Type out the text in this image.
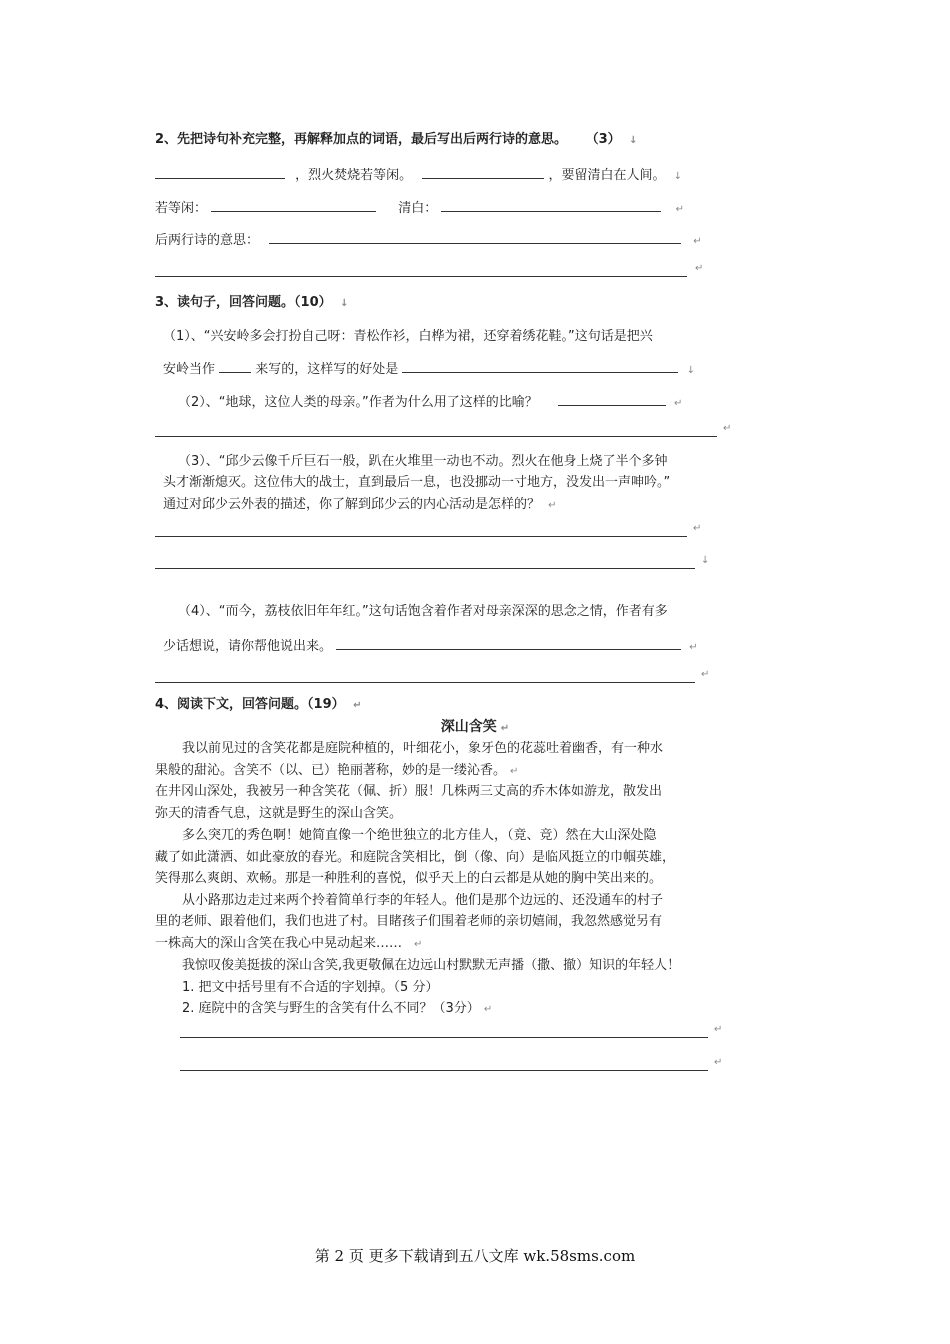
2、先把诗句补充完整，再解释加点的词语，最后写出后两行诗的意思。 （3） ↓
，烈火焚烧若等闲。	，要留清白在人间。 ↓
若等闲：	清白：	↵
后两行诗的意思：	↵
↵
3、读句子，回答问题。（10） ↓
（1）、“兴安岭多会打扮自己呀：青松作衫，白桦为裙，还穿着绣花鞋。”这句话是把兴
安岭当作	来写的，这样写的好处是	↓
（2）、“地球，这位人类的母亲。”作者为什么用了这样的比喻？	↵
↵
（3）、“邱少云像千斤巨石一般，趴在火堆里一动也不动。烈火在他身上烧了半个多钟
头才渐渐熄灭。这位伟大的战士，直到最后一息，也没挪动一寸地方，没发出一声呻吟。”
通过对邱少云外表的描述，你了解到邱少云的内心活动是怎样的？ ↵
↵
↓
（4）、“而今，荔枝依旧年年红。”这句话饱含着作者对母亲深深的思念之情，作者有多
少话想说，请你帮他说出来。	↵
↵
4、阅读下文，回答问题。（19） ↵
深山含笑 ↵
我以前见过的含笑花都是庭院种植的，叶细花小，象牙色的花蕊吐着幽香，有一种水
果般的甜沁。含笑不（以、已）艳丽著称，妙的是一缕沁香。 ↵
在井冈山深处，我被另一种含笑花（佩、折）服！几株两三丈高的乔木体如游龙，散发出
弥天的清香气息，这就是野生的深山含笑。
多么突兀的秀色啊！她简直像一个绝世独立的北方佳人，（竟、竞）然在大山深处隐
藏了如此潇洒、如此豪放的春光。和庭院含笑相比，倒（像、向）是临风挺立的巾帼英雄，
笑得那么爽朗、欢畅。那是一种胜利的喜悦，似乎天上的白云都是从她的胸中笑出来的。
从小路那边走过来两个拎着简单行李的年轻人。他们是那个边远的、还没通车的村子
里的老师、跟着他们，我们也进了村。目睹孩子们围着老师的亲切嬉闹，我忽然感觉另有
一株高大的深山含笑在我心中晃动起来…… ↵
我惊叹俊美挺拔的深山含笑,我更敬佩在边远山村默默无声播（撒、撤）知识的年轻人！
1. 把文中括号里有不合适的字划掉。（5 分）
2. 庭院中的含笑与野生的含笑有什么不同？（3分） ↵
↵
↵
第 2 页 更多下载请到五八文库 wk.58sms.com
